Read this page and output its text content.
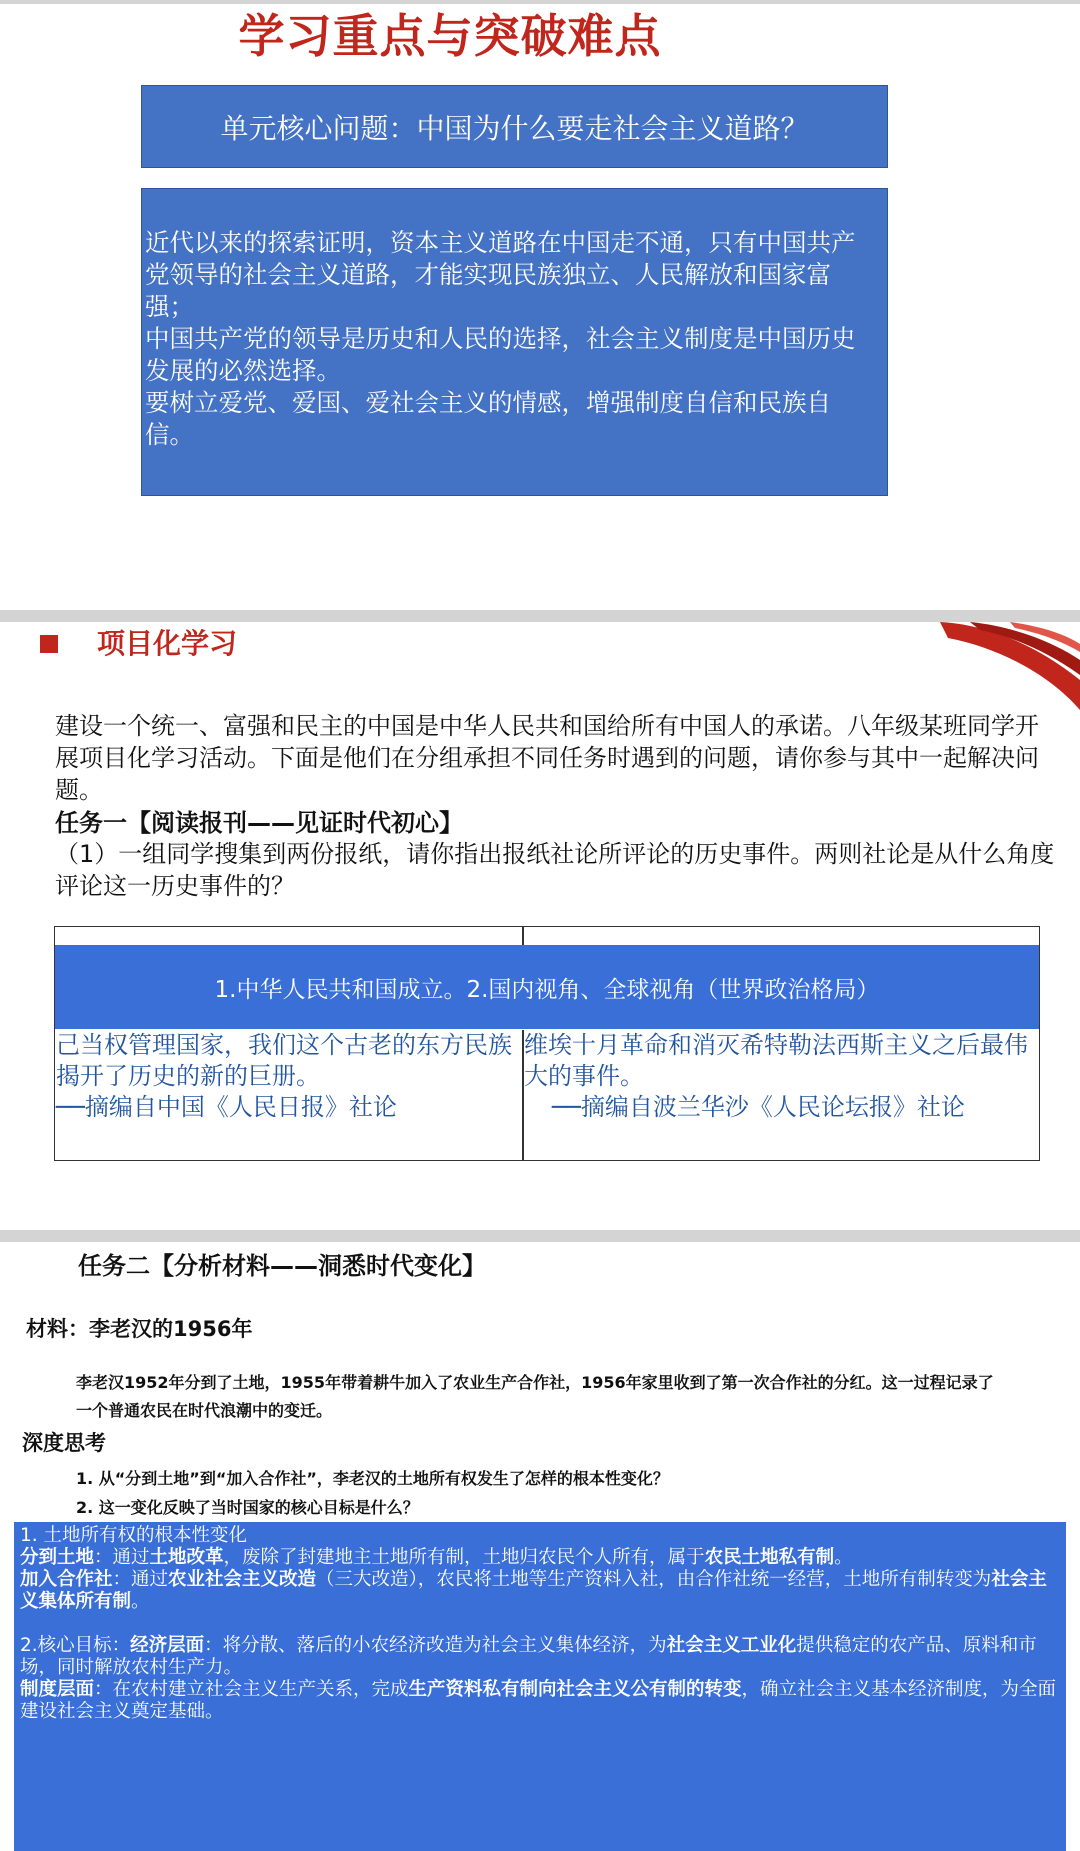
学习重点与突破难点
单元核心问题：中国为什么要走社会主义道路？

近代以来的探索证明，资本主义道路在中国走不通，只有中国共产党领导的社会主义道路，才能实现民族独立、人民解放和国家富强；

中国共产党的领导是历史和人民的选择，社会主义制度是中国历史发展的必然选择。

要树立爱党、爱国、爱社会主义的情感，增强制度自信和民族自信。

项目化学习

建设一个统一、富强和民主的中国是中华人民共和国给所有中国人的承诺。八年级某班同学开展项目化学习活动。下面是他们在分组承担不同任务时遇到的问题，请你参与其中一起解决问题。

任务一【阅读报刊——见证时代初心】
（1）一组同学搜集到两份报纸，请你指出报纸社论所评论的历史事件。两则社论是从什么角度评论这一历史事件的？
1.中华人民共和国成立。2.国内视角、全球视角（世界政治格局）
己当权管理国家，我们这个古老的东方民族揭开了历史的新的巨册。
──摘编自中国《人民日报》社论
维埃十月革命和消灭希特勒法西斯主义之后最伟大的事件。
──摘编自波兰华沙《人民论坛报》社论
任务二【分析材料——洞悉时代变化】
材料：李老汉的1956年
李老汉1952年分到了土地，1955年带着耕牛加入了农业生产合作社，1956年家里收到了第一次合作社的分红。这一过程记录了一个普通农民在时代浪潮中的变迁。
深度思考
1. 从“分到土地”到“加入合作社”，李老汉的土地所有权发生了怎样的根本性变化？
2. 这一变化反映了当时国家的核心目标是什么？

1. 土地所有权的根本性变化

分到土地：通过土地改革，废除了封建地主土地所有制，土地归农民个人所有，属于农民土地私有制。

加入合作社：通过农业社会主义改造（三大改造），农民将土地等生产资料入社，由合作社统一经营，土地所有制转变为社会主义集体所有制。

2.核心目标：经济层面：将分散、落后的小农经济改造为社会主义集体经济，为社会主义工业化提供稳定的农产品、原料和市场，同时解放农村生产力。

制度层面：在农村建立社会主义生产关系，完成生产资料私有制向社会主义公有制的转变，确立社会主义基本经济制度，为全面建设社会主义奠定基础。
